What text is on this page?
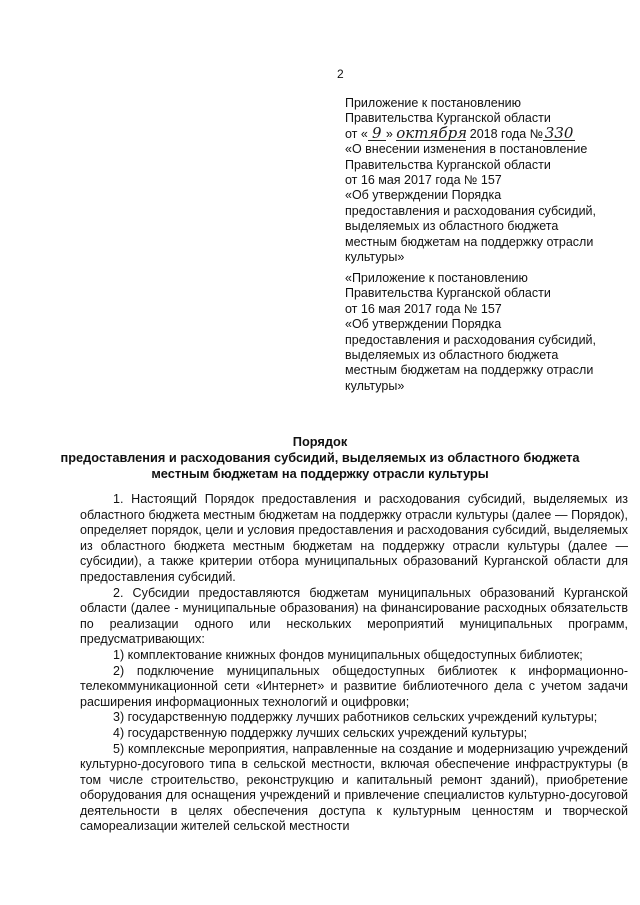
2
Приложение к постановлению
Правительства Курганской области
от « 9 » октября 2018 года № 330
«О внесении изменения в постановление
Правительства Курганской области
от 16 мая 2017 года № 157
«Об утверждении Порядка
предоставления и расходования субсидий,
выделяемых из областного бюджета
местным бюджетам на поддержку отрасли
культуры»
«Приложение к постановлению
Правительства Курганской области
от 16 мая 2017 года № 157
«Об утверждении Порядка
предоставления и расходования субсидий,
выделяемых из областного бюджета
местным бюджетам на поддержку отрасли
культуры»
Порядок
предоставления и расходования субсидий, выделяемых из областного бюджета
местным бюджетам на поддержку отрасли культуры

1. Настоящий Порядок предоставления и расходования субсидий, выделяемых из областного бюджета местным бюджетам на поддержку отрасли культуры (далее — Порядок), определяет порядок, цели и условия предоставления и расходования субсидий, выделяемых из областного бюджета местным бюджетам на поддержку отрасли культуры (далее — субсидии), а также критерии отбора муниципальных образований Курганской области для предоставления субсидий.

2. Субсидии предоставляются бюджетам муниципальных образований Курганской области (далее - муниципальные образования) на финансирование расходных обязательств по реализации одного или нескольких мероприятий муниципальных программ, предусматривающих:

1) комплектование книжных фондов муниципальных общедоступных библиотек;

2) подключение муниципальных общедоступных библиотек к информационно-телекоммуникационной сети «Интернет» и развитие библиотечного дела с учетом задачи расширения информационных технологий и оцифровки;

3) государственную поддержку лучших работников сельских учреждений культуры;

4) государственную поддержку лучших сельских учреждений культуры;

5) комплексные мероприятия, направленные на создание и модернизацию учреждений культурно-досугового типа в сельской местности, включая обеспечение инфраструктуры (в том числе строительство, реконструкцию и капитальный ремонт зданий), приобретение оборудования для оснащения учреждений и привлечение специалистов культурно-досуговой деятельности в целях обеспечения доступа к культурным ценностям и творческой самореализации жителей сельской местности
